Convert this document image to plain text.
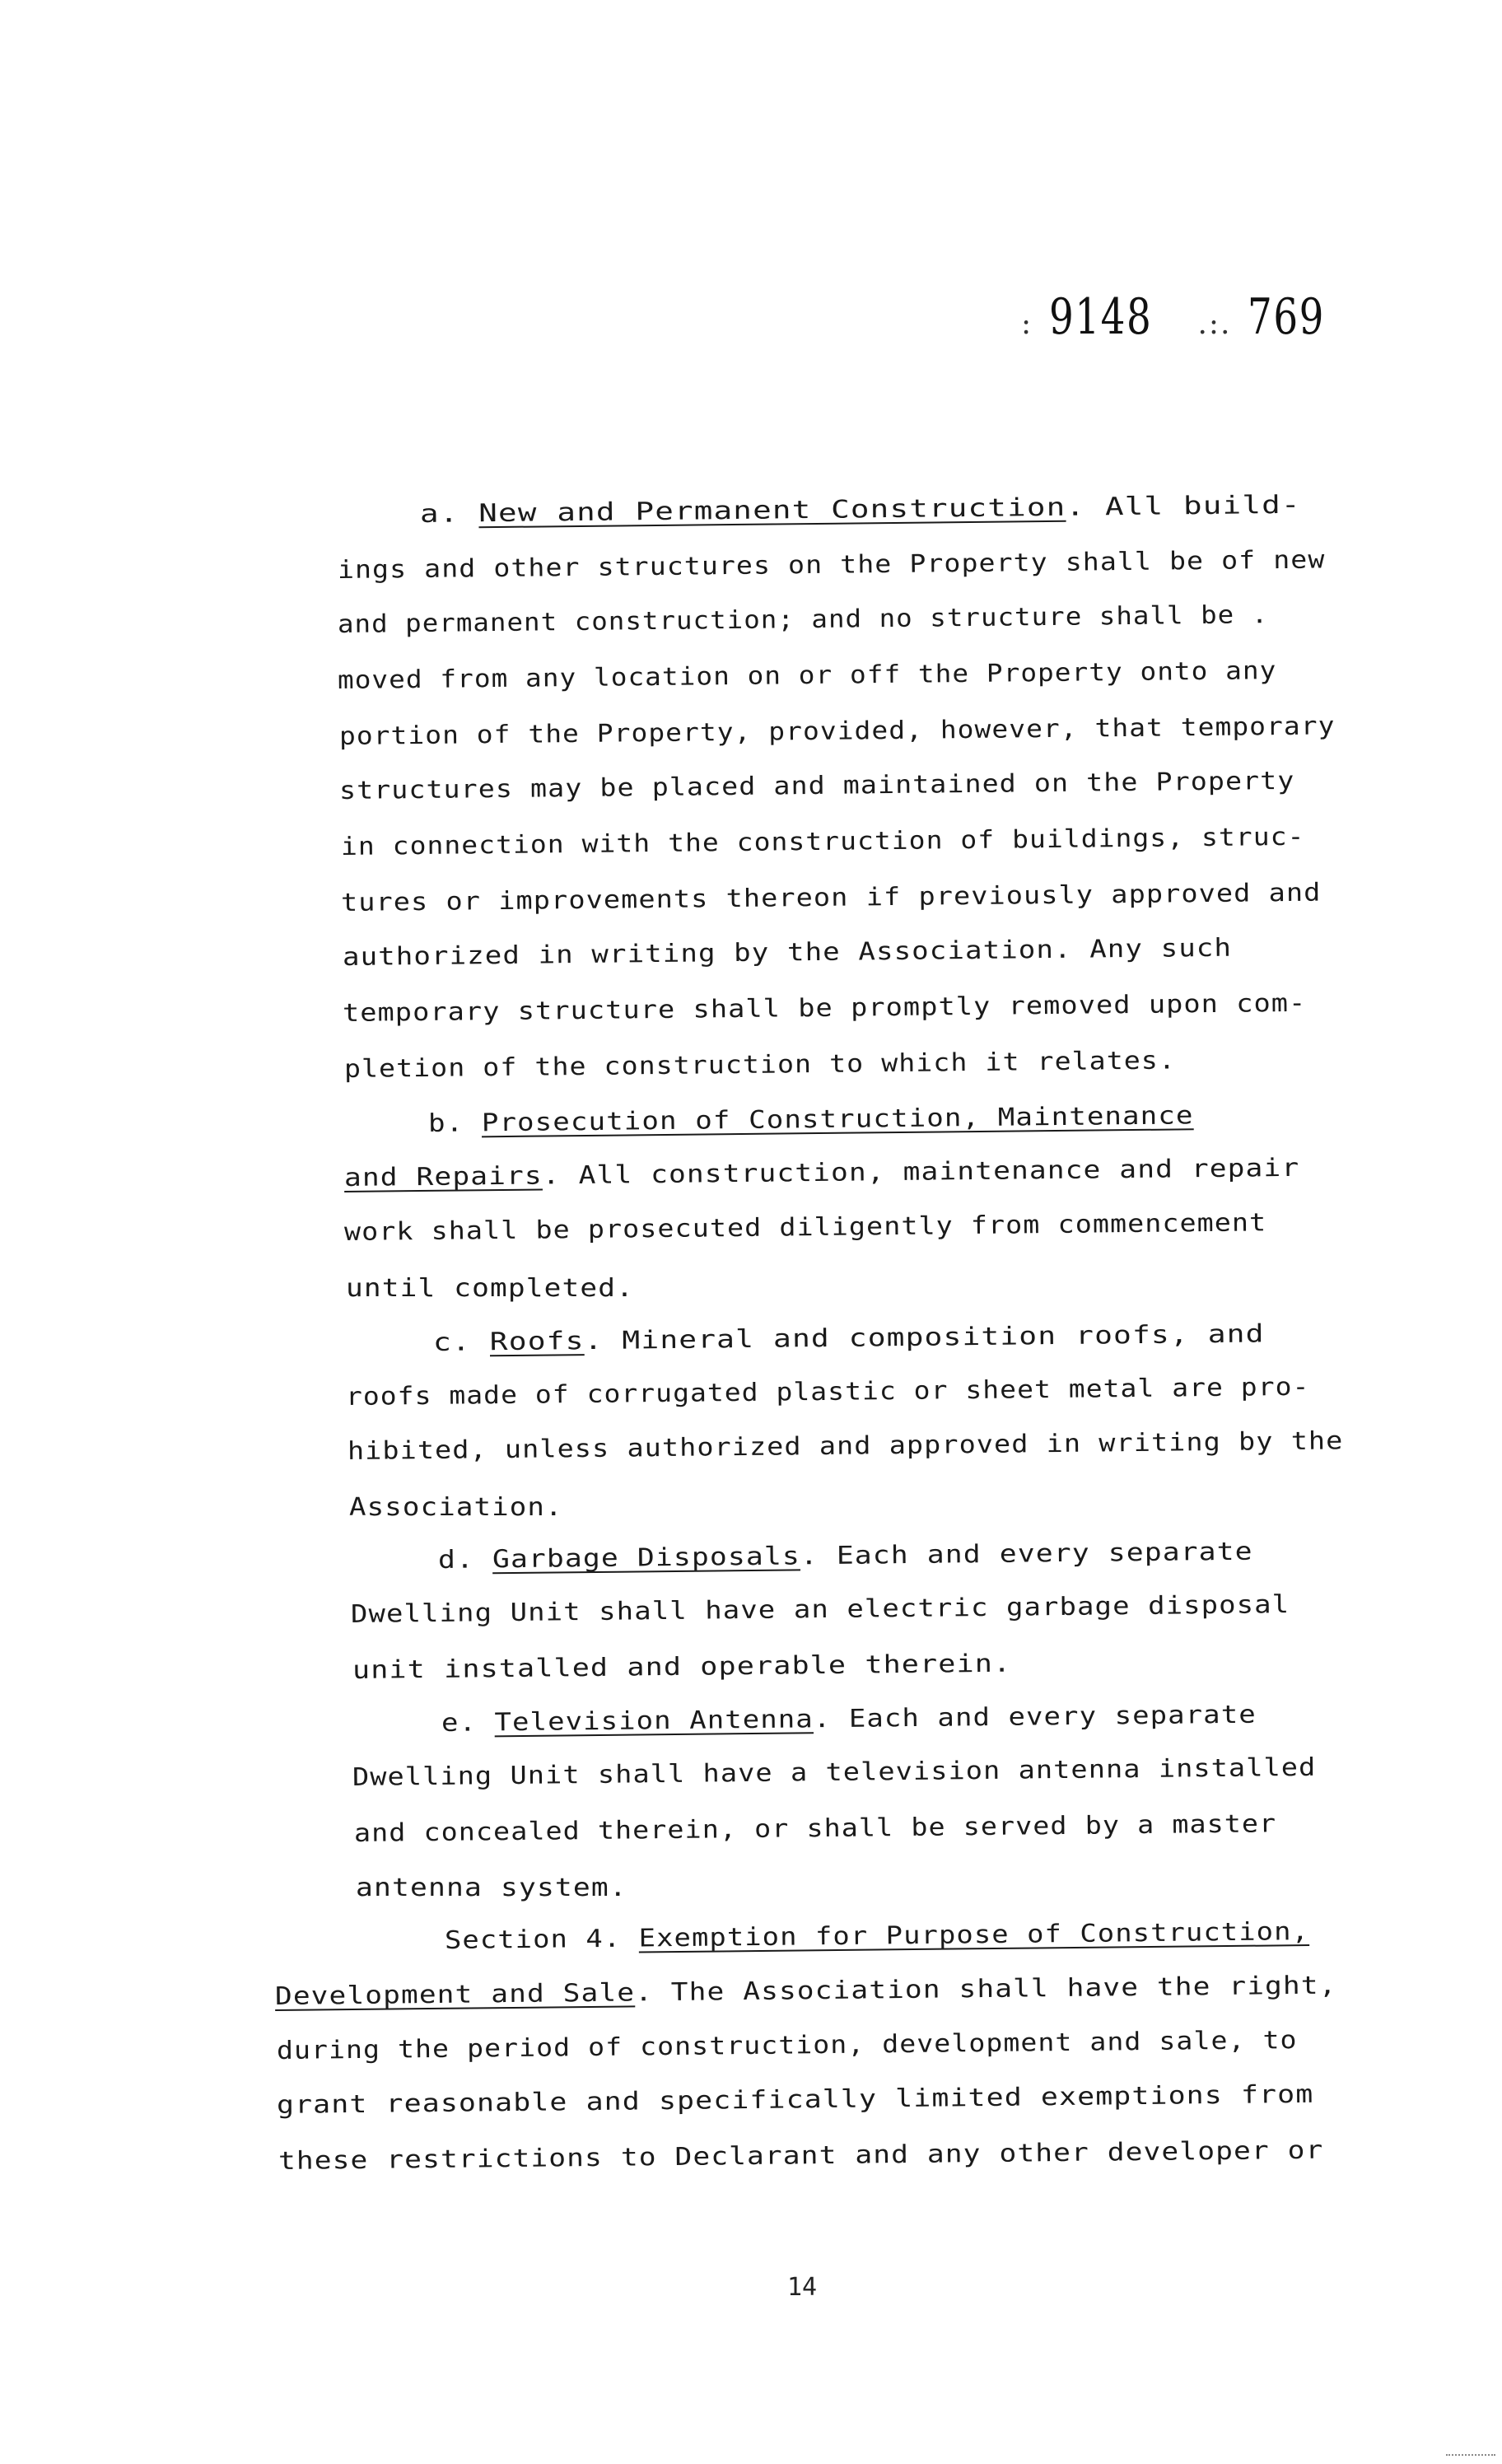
: 9148 .:. 769
a. New and Permanent Construction. All build-
ings and other structures on the Property shall be of new
and permanent construction; and no structure shall be .
moved from any location on or off the Property onto any
portion of the Property, provided, however, that temporary
structures may be placed and maintained on the Property
in connection with the construction of buildings, struc-
tures or improvements thereon if previously approved and
authorized in writing by the Association. Any such
temporary structure shall be promptly removed upon com-
pletion of the construction to which it relates.
b. Prosecution of Construction, Maintenance
and Repairs. All construction, maintenance and repair
work shall be prosecuted diligently from commencement
until completed.
c. Roofs. Mineral and composition roofs, and
roofs made of corrugated plastic or sheet metal are pro-
hibited, unless authorized and approved in writing by the
Association.
d. Garbage Disposals. Each and every separate
Dwelling Unit shall have an electric garbage disposal
unit installed and operable therein.
e. Television Antenna. Each and every separate
Dwelling Unit shall have a television antenna installed
and concealed therein, or shall be served by a master
antenna system.
Section 4. Exemption for Purpose of Construction,
Development and Sale. The Association shall have the right,
during the period of construction, development and sale, to
grant reasonable and specifically limited exemptions from
these restrictions to Declarant and any other developer or
14
